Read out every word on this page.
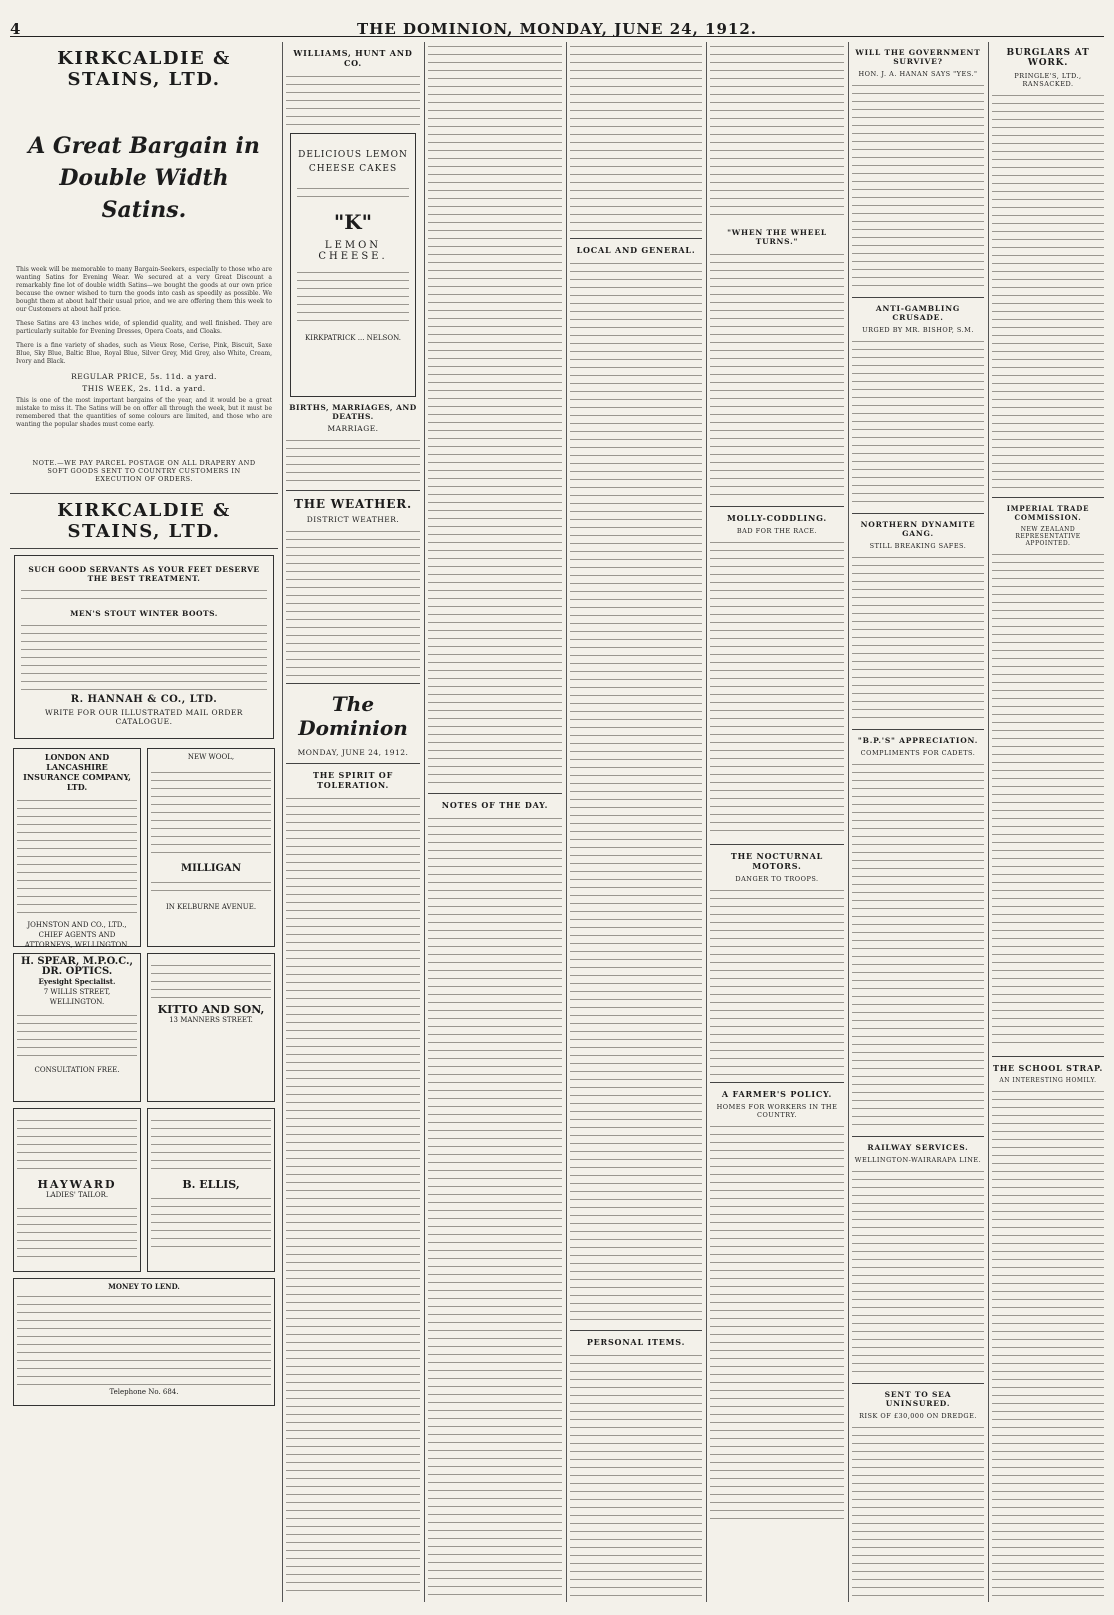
4	THE DOMINION, MONDAY, JUNE 24, 1912.
KIRKCALDIE & STAINS, LTD.
A Great Bargain in Double Width Satins.
This week will be memorable to many Bargain-Seekers, especially to those who are wanting Satins for Evening Wear. We secured at a very Great Discount a remarkably fine lot of double width Satins—we bought the goods at our own price because the owner wished to turn the goods into cash as speedily as possible. We bought them at about half their usual price, and we are offering them this week to our Customers at about half price.
These Satins are 43 inches wide, of splendid quality, and well finished. They are particularly suitable for Evening Dresses, Opera Coats, and Cloaks.
There is a fine variety of shades, such as Vieux Rose, Cerise, Pink, Biscuit, Saxe Blue, Sky Blue, Baltic Blue, Royal Blue, Silver Grey, Mid Grey, also White, Cream, Ivory and Black.
REGULAR PRICE, 5s. 11d. a yard.
THIS WEEK, 2s. 11d. a yard.
This is one of the most important bargains of the year, and it would be a great mistake to miss it. The Satins will be on offer all through the week, but it must be remembered that the quantities of some colours are limited, and those who are wanting the popular shades must come early.
NOTE.—WE PAY PARCEL POSTAGE ON ALL DRAPERY AND SOFT GOODS SENT TO COUNTRY CUSTOMERS IN EXECUTION OF ORDERS.
KIRKCALDIE & STAINS, LTD.
SUCH GOOD SERVANTS AS YOUR FEET DESERVE THE BEST TREATMENT.
MEN'S STOUT WINTER BOOTS.
R. HANNAH & CO., LTD.
WRITE FOR OUR ILLUSTRATED MAIL ORDER CATALOGUE.
LONDON AND LANCASHIRE INSURANCE COMPANY, LTD.
JOHNSTON AND CO., LTD., CHIEF AGENTS AND ATTORNEYS, WELLINGTON.
NEW WOOL,
MILLIGAN
IN KELBURNE AVENUE.
H. SPEAR, M.P.O.C., DR. OPTICS.
Eyesight Specialist.
7 WILLIS STREET, WELLINGTON.
CONSULTATION FREE.
KITTO AND SON,
13 MANNERS STREET.
HAYWARD
LADIES' TAILOR.
B. ELLIS,
MONEY TO LEND.
Telephone No. 684.
WILLIAMS, HUNT AND CO.
DELICIOUS LEMON CHEESE CAKES
"K"
LEMON CHEESE.
KIRKPATRICK ... NELSON.
BIRTHS, MARRIAGES, AND DEATHS.
MARRIAGE.
THE WEATHER.
DISTRICT WEATHER.
The Dominion
MONDAY, JUNE 24, 1912.
THE SPIRIT OF TOLERATION.
NOTES OF THE DAY.
LOCAL AND GENERAL.
PERSONAL ITEMS.
"WHEN THE WHEEL TURNS."
MOLLY-CODDLING.
BAD FOR THE RACE.
THE NOCTURNAL MOTORS.
DANGER TO TROOPS.
A FARMER'S POLICY.
HOMES FOR WORKERS IN THE COUNTRY.
WILL THE GOVERNMENT SURVIVE?
HON. J. A. HANAN SAYS "YES."
ANTI-GAMBLING CRUSADE.
URGED BY MR. BISHOP, S.M.
NORTHERN DYNAMITE GANG.
STILL BREAKING SAFES.
"B.P.'S" APPRECIATION.
COMPLIMENTS FOR CADETS.
RAILWAY SERVICES.
WELLINGTON-WAIRARAPA LINE.
SENT TO SEA UNINSURED.
RISK OF £30,000 ON DREDGE.
BURGLARS AT WORK.
PRINGLE'S, LTD., RANSACKED.
IMPERIAL TRADE COMMISSION.
NEW ZEALAND REPRESENTATIVE APPOINTED.
THE SCHOOL STRAP.
AN INTERESTING HOMILY.
